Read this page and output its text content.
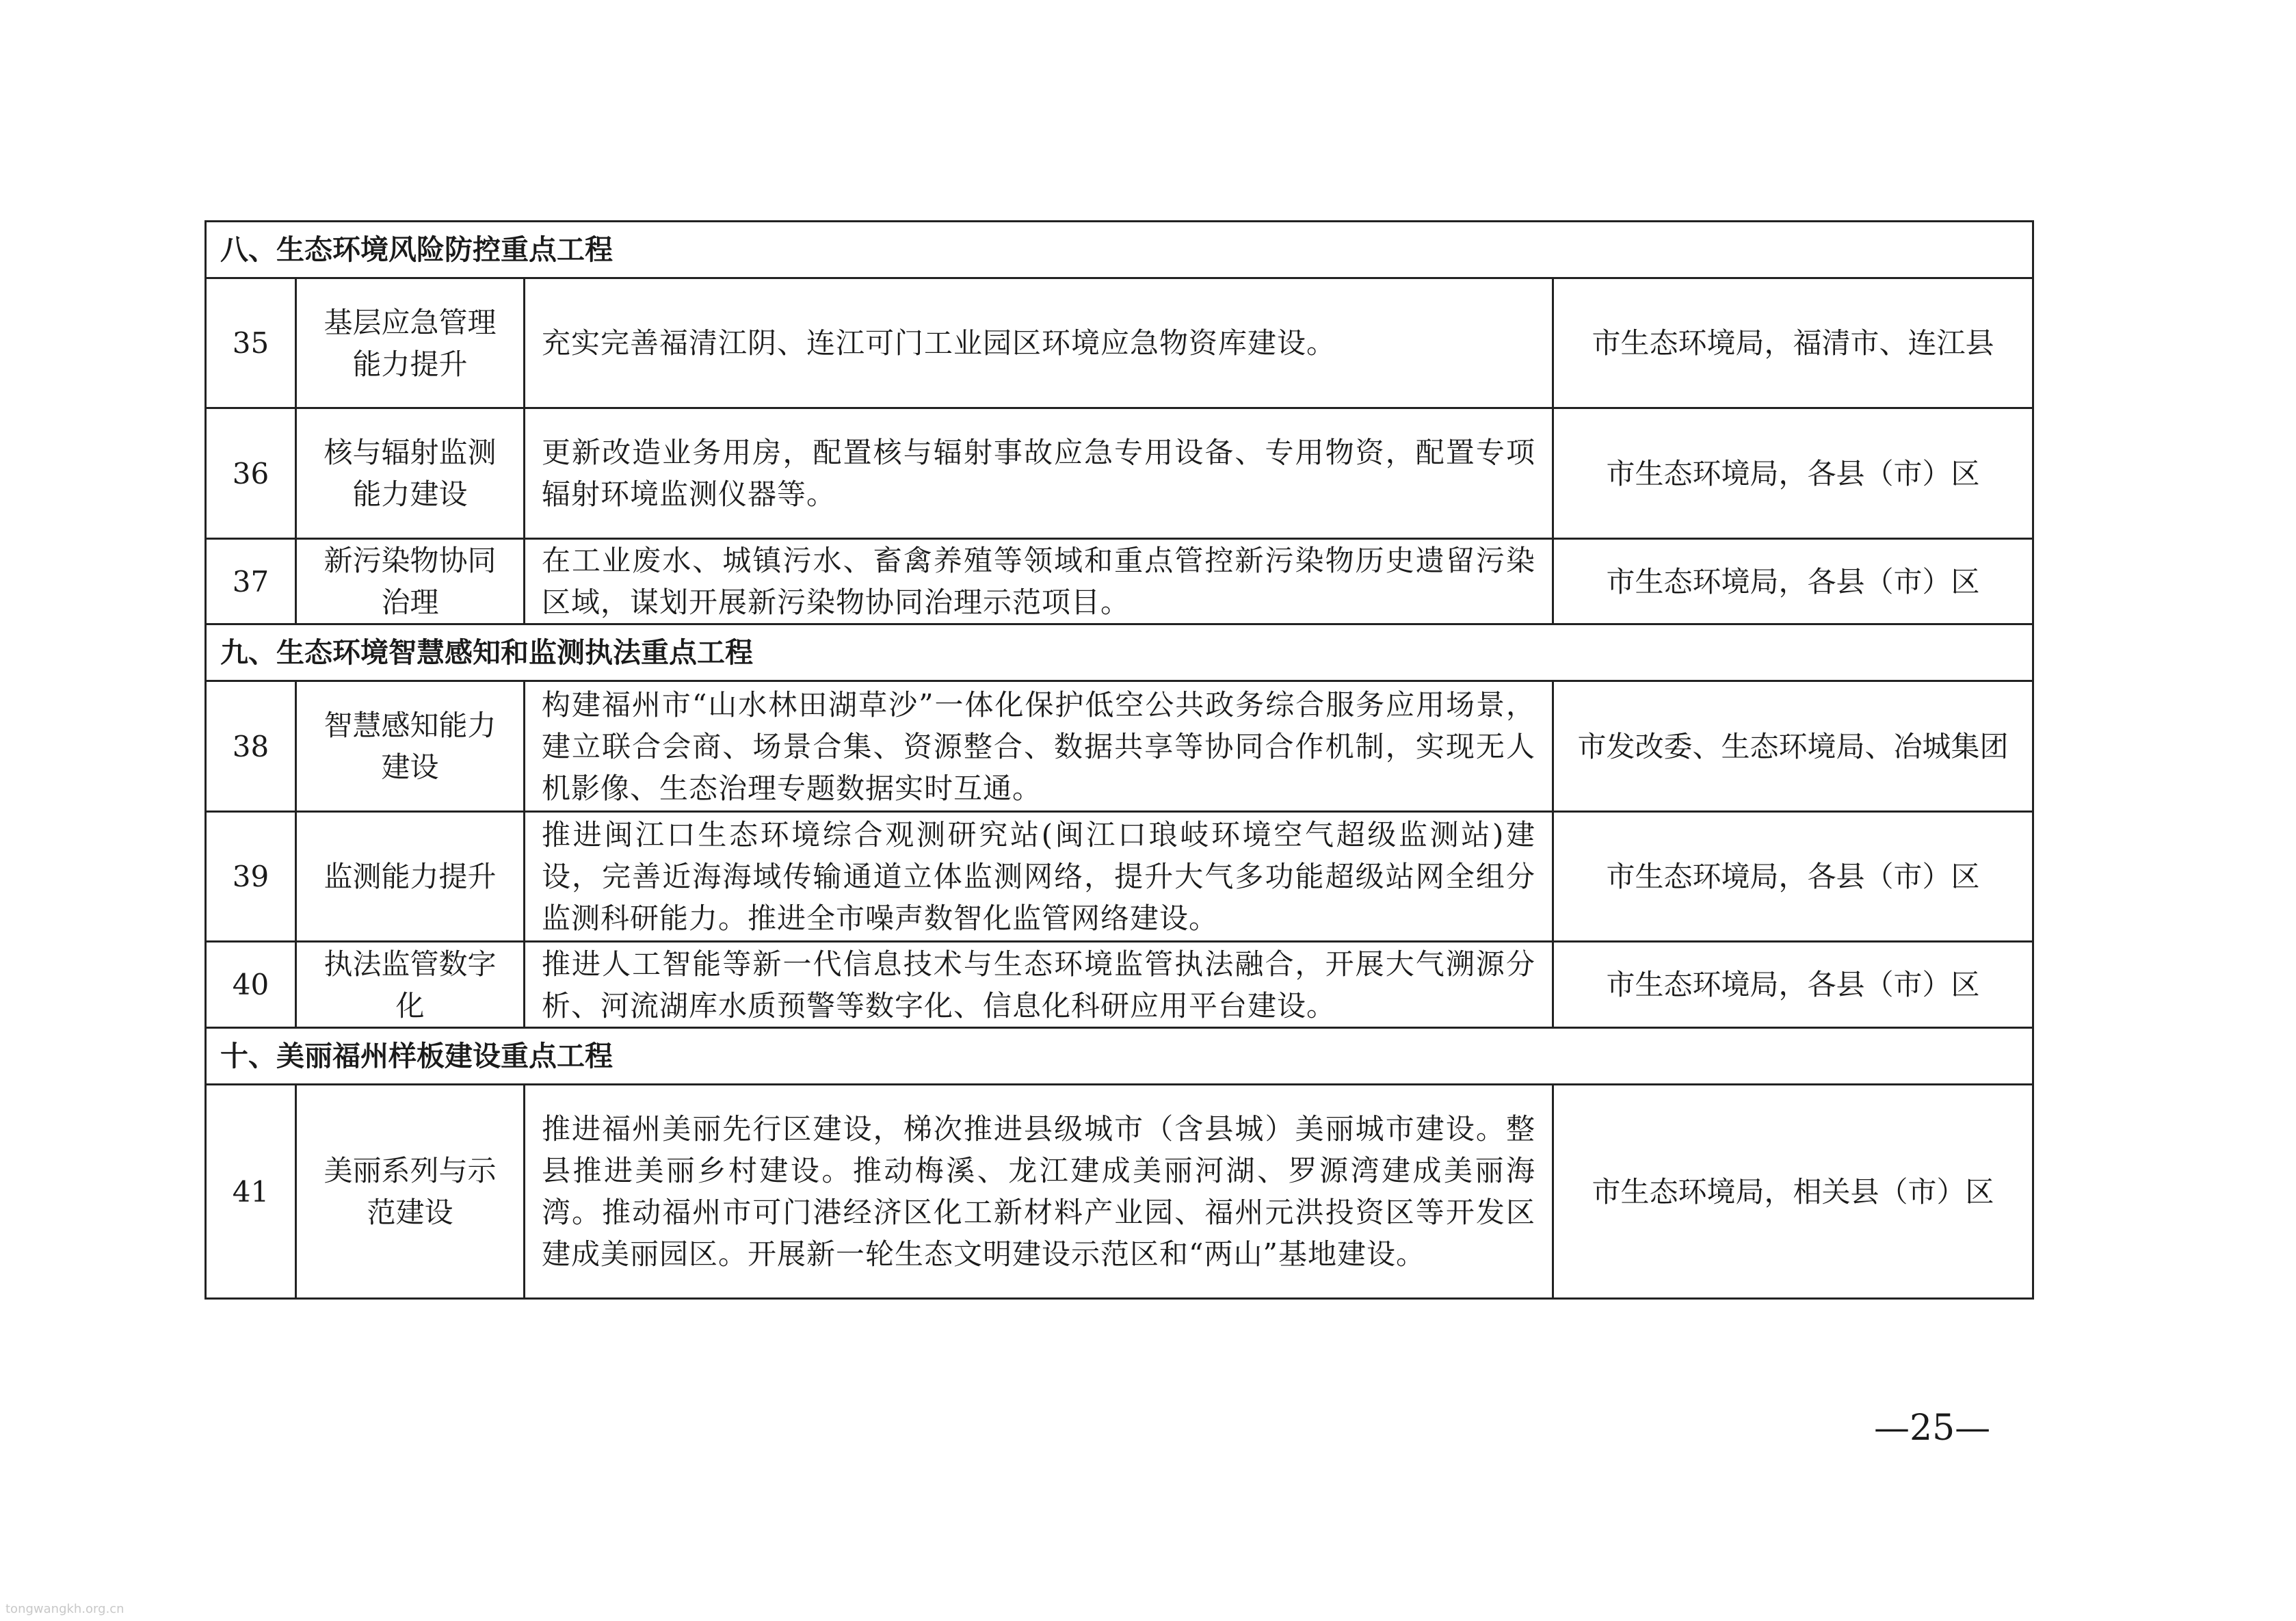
八、生态环境风险防控重点工程			
35	基层应急管理能力提升	充实完善福清江阴、连江可门工业园区环境应急物资库建设。	市生态环境局，福清市、连江县
36	核与辐射监测能力建设	更新改造业务用房，配置核与辐射事故应急专用设备、专用物资，配置专项辐射环境监测仪器等。	市生态环境局，各县（市）区
37	新污染物协同治理	在工业废水、城镇污水、畜禽养殖等领域和重点管控新污染物历史遗留污染区域，谋划开展新污染物协同治理示范项目。	市生态环境局，各县（市）区
九、生态环境智慧感知和监测执法重点工程			
38	智慧感知能力建设	构建福州市“山水林田湖草沙”一体化保护低空公共政务综合服务应用场景，建立联合会商、场景合集、资源整合、数据共享等协同合作机制，实现无人机影像、生态治理专题数据实时互通。	市发改委、生态环境局、冶城集团
39	监测能力提升	推进闽江口生态环境综合观测研究站(闽江口琅岐环境空气超级监测站)建设，完善近海海域传输通道立体监测网络，提升大气多功能超级站网全组分监测科研能力。推进全市噪声数智化监管网络建设。	市生态环境局，各县（市）区
40	执法监管数字化	推进人工智能等新一代信息技术与生态环境监管执法融合，开展大气溯源分析、河流湖库水质预警等数字化、信息化科研应用平台建设。	市生态环境局，各县（市）区
十、美丽福州样板建设重点工程			
41	美丽系列与示范建设	推进福州美丽先行区建设，梯次推进县级城市（含县城）美丽城市建设。整县推进美丽乡村建设。推动梅溪、龙江建成美丽河湖、罗源湾建成美丽海湾。推动福州市可门港经济区化工新材料产业园、福州元洪投资区等开发区建成美丽园区。开展新一轮生态文明建设示范区和“两山”基地建设。	市生态环境局，相关县（市）区
—25—
tongwangkh.org.cn
